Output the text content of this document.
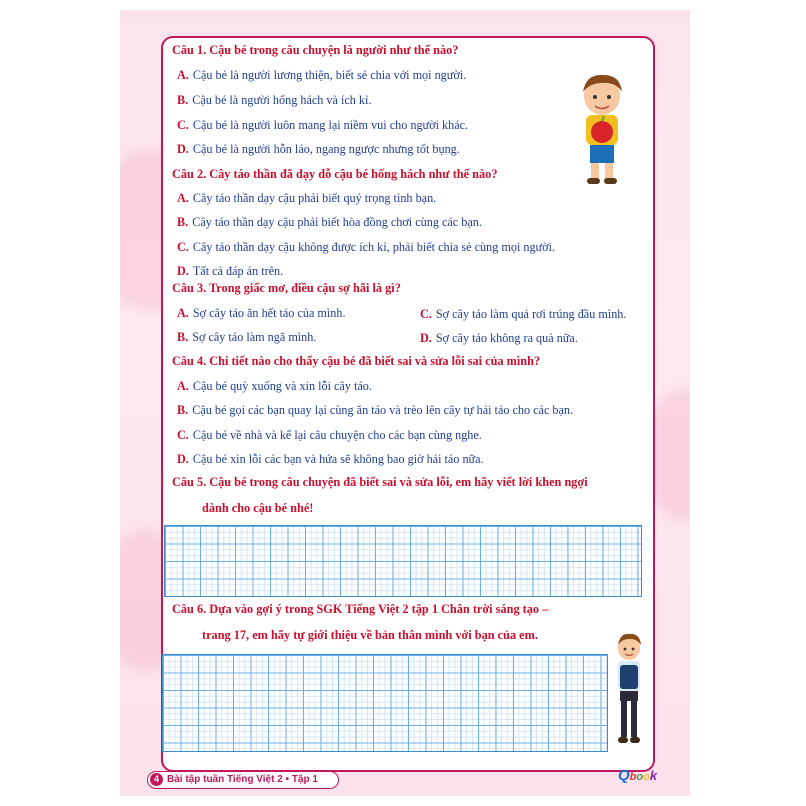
Câu 1. Cậu bé trong câu chuyện là người như thế nào?
A. Cậu bé là người lương thiện, biết sẻ chia với mọi người.
B. Cậu bé là người hống hách và ích kỉ.
C. Cậu bé là người luôn mang lại niềm vui cho người khác.
D. Cậu bé là người hỗn láo, ngang ngược nhưng tốt bụng.
Câu 2. Cây táo thần đã dạy dỗ cậu bé hống hách như thế nào?
A. Cây táo thần dạy cậu phải biết quý trọng tình bạn.
B. Cây táo thần dạy cậu phải biết hòa đồng chơi cùng các bạn.
C. Cây táo thần dạy cậu không được ích kỉ, phải biết chia sẻ cùng mọi người.
D. Tất cả đáp án trên.
Câu 3. Trong giấc mơ, điều cậu sợ hãi là gì?
A. Sợ cây táo ăn hết táo của mình.
B. Sợ cây táo làm ngã mình.
C. Sợ cây táo làm quả rơi trúng đầu mình.
D. Sợ cây táo không ra quả nữa.
Câu 4. Chi tiết nào cho thấy cậu bé đã biết sai và sửa lỗi sai của mình?
A. Cậu bé quỳ xuống và xin lỗi cây táo.
B. Cậu bé gọi các bạn quay lại cùng ăn táo và trèo lên cây tự hái táo cho các bạn.
C. Cậu bé về nhà và kể lại câu chuyện cho các bạn cùng nghe.
D. Cậu bé xin lỗi các bạn và hứa sẽ không bao giờ hái táo nữa.
Câu 5. Cậu bé trong câu chuyện đã biết sai và sửa lỗi, em hãy viết lời khen ngợi
dành cho cậu bé nhé!
Câu 6. Dựa vào gợi ý trong SGK Tiếng Việt 2 tập 1 Chân trời sáng tạo –
trang 17, em hãy tự giới thiệu về bản thân mình với bạn của em.
4 Bài tập tuần Tiếng Việt 2 • Tập 1	Qbook
